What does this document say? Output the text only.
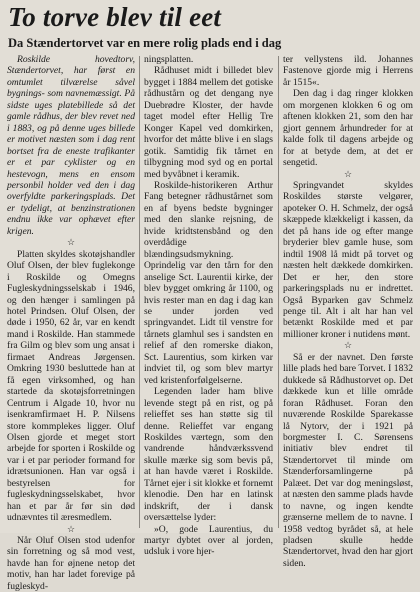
To torve blev til eet
Da Stændertorvet var en mere rolig plads end i dag

Roskilde hovedtorv, Stændertorvet, har først en omtumlet tilværelse såvel bygnings- som navnemæssigt. På sidste uges platebillede så det gamle rådhus, der blev revet ned i 1883, og på denne uges billede er motivet næsten som i dag rent bortset fra de eneste trafikanter er et par cyklister og en hestevogn, mens en ensom personbil holder ved den i dag overfyldte parkeringsplads. Det er tydeligt, at benzinstrationen endnu ikke var ophævet efter krigen.

☆

Platten skyldes skotøjshandler Oluf Olsen, der blev fuglekonge i Roskilde og Omegns Fugleskydningsselskab i 1946, og den hænger i samlingen på hotel Prindsen. Oluf Olsen, der døde i 1950, 62 år, var en kendt mand i Roskilde. Han stammede fra Gilm og blev som ung ansat i firmaet Andreas Jørgensen. Omkring 1930 besluttede han at få egen virksomhed, og han startede da skotøjsforretningen Centrum i Algade 10, hvor nu isenkramfirmaet H. P. Nilsens store kommplekes ligger. Oluf Olsen gjorde et meget stort arbejde for sporten i Roskilde og var i et par perioder formand for idrætsunionen. Han var også i bestyrelsen for fugleskydningsselskabet, hvor han et par år før sin død udnævntes til æresmedlem.

☆

Når Oluf Olsen stod udenfor sin forretning og så mod vest, havde han for øjnene netop det motiv, han har ladet forevige på fugleskyd-

ningsplatten.

Rådhuset midt i billedet blev bygget i 1884 mellem det gotiske rådhustårn og det dengang nye Duebrødre Kloster, der havde taget model efter Hellig Tre Konger Kapel ved domkirken, hvorfor det måtte blive i en slags gotik. Samtidig fik tårnet en tilbygning mod syd og en portal med byvåbnet i keramik.

Roskilde-historikeren Arthur Fang betegner rådhustårnet som en af byens bedste bygninger med den slanke rejsning, de hvide kridtstensbånd og den overdådige blændingsudsmykning. Oprindelig var den tårn for den anselige Sct. Laurentii kirke, der blev bygget omkring år 1100, og hvis rester man en dag i dag kan se under jorden ved springvandet. Lidt til venstre for tårnets glamhul ses i sandsten en relief af den romerske diakon, Sct. Laurentius, som kirken var indviet til, og som blev martyr ved kristenforfølgelserne.

Legenden lader ham blive levende stegt på en rist, og på relieffet ses han støtte sig til denne. Relieffet var engang Roskildes værtegn, som den vandrende håndværkssvend skulle mærke sig som bevis på, at han havde været i Roskilde. Tårnet ejer i sit klokke et fornemt klenodie. Den har en latinsk indskrift, der i dansk oversættelse lyder:

»O, gode Laurentius, du martyr dybtet over al jorden, udsluk i vore hjer-

ter vellystens ild. Johannes Fastenove gjorde mig i Herrens år 1515«.

Den dag i dag ringer klokken om morgenen klokken 6 og om aftenen klokken 21, som den har gjort gennem århundreder for at kalde folk til dagens arbejde og for at betyde dem, at det er sengetid.

☆

Springvandet skyldes Roskildes største velgører, apoteker O. H. Schmelz, der også skæppede klækkeligt i kassen, da det på hans ide og efter mange bryderier blev gamle huse, som indtil 1908 lå midt på torvet og næsten helt dækkede domkirken. Det er her, den store parkeringsplads nu er indrettet. Også Byparken gav Schmelz penge til. Alt i alt har han vel betænkt Roskilde med et par millioner kroner i nutidens mønt.

☆

Så er der navnet. Den første lille plads hed bare Torvet. I 1832 dukkede så Rådhustorvet op. Det dækkede kun et lille område foran Rådhuset. Foran den nuværende Roskilde Sparekasse lå Nytorv, der i 1921 på borgmester I. C. Sørensens initiativ blev endret til Stændertorvet til minde om Stænderforsamlingerne på Palæet. Det var dog meningsløst, at næsten den samme plads havde to navne, og ingen kendte grænserne mellem de to navne. I 1958 vedtog byrådet så, at hele pladsen skulle hedde Stændertorvet, hvad den har gjort siden.
